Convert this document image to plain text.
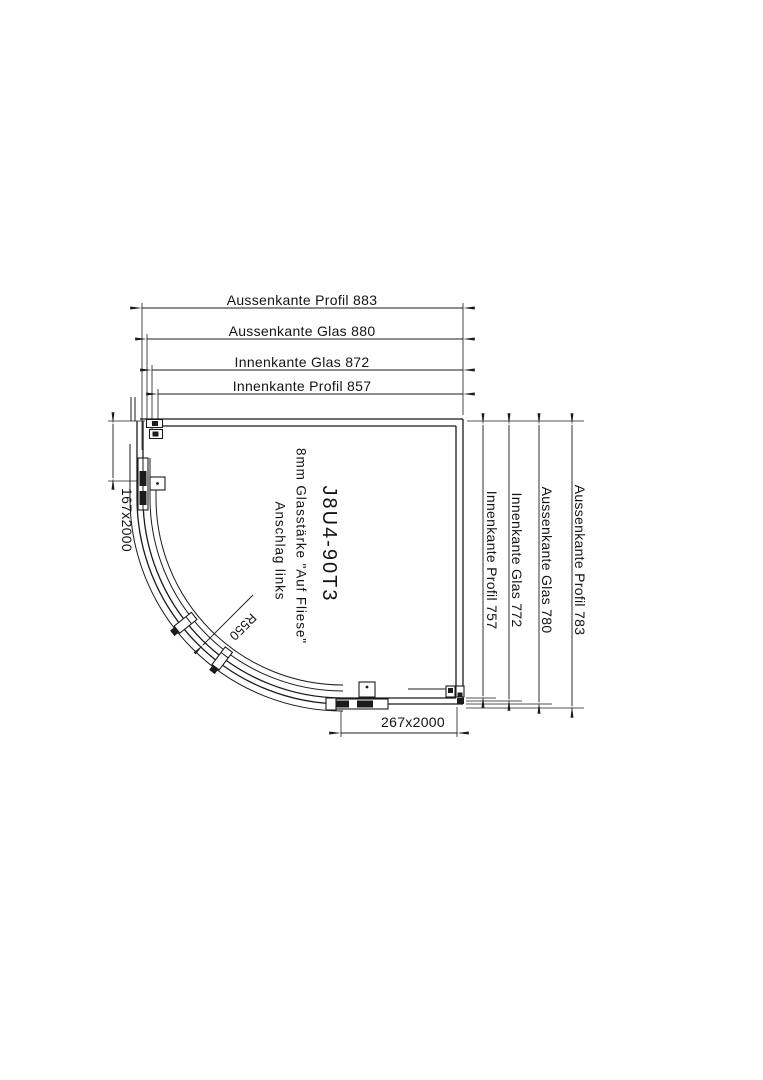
Aussenkante Profil 883
Aussenkante Glas 880
Innenkante Glas 872
Innenkante Profil 857
Innenkante Profil 757 Innenkante Glas 772 Aussenkante Glas 780 Aussenkante Profil 783
167x2000
267x2000
R550
J8U4-90T3
8mm Glasstärke "Auf Fliese"
Anschlag links
